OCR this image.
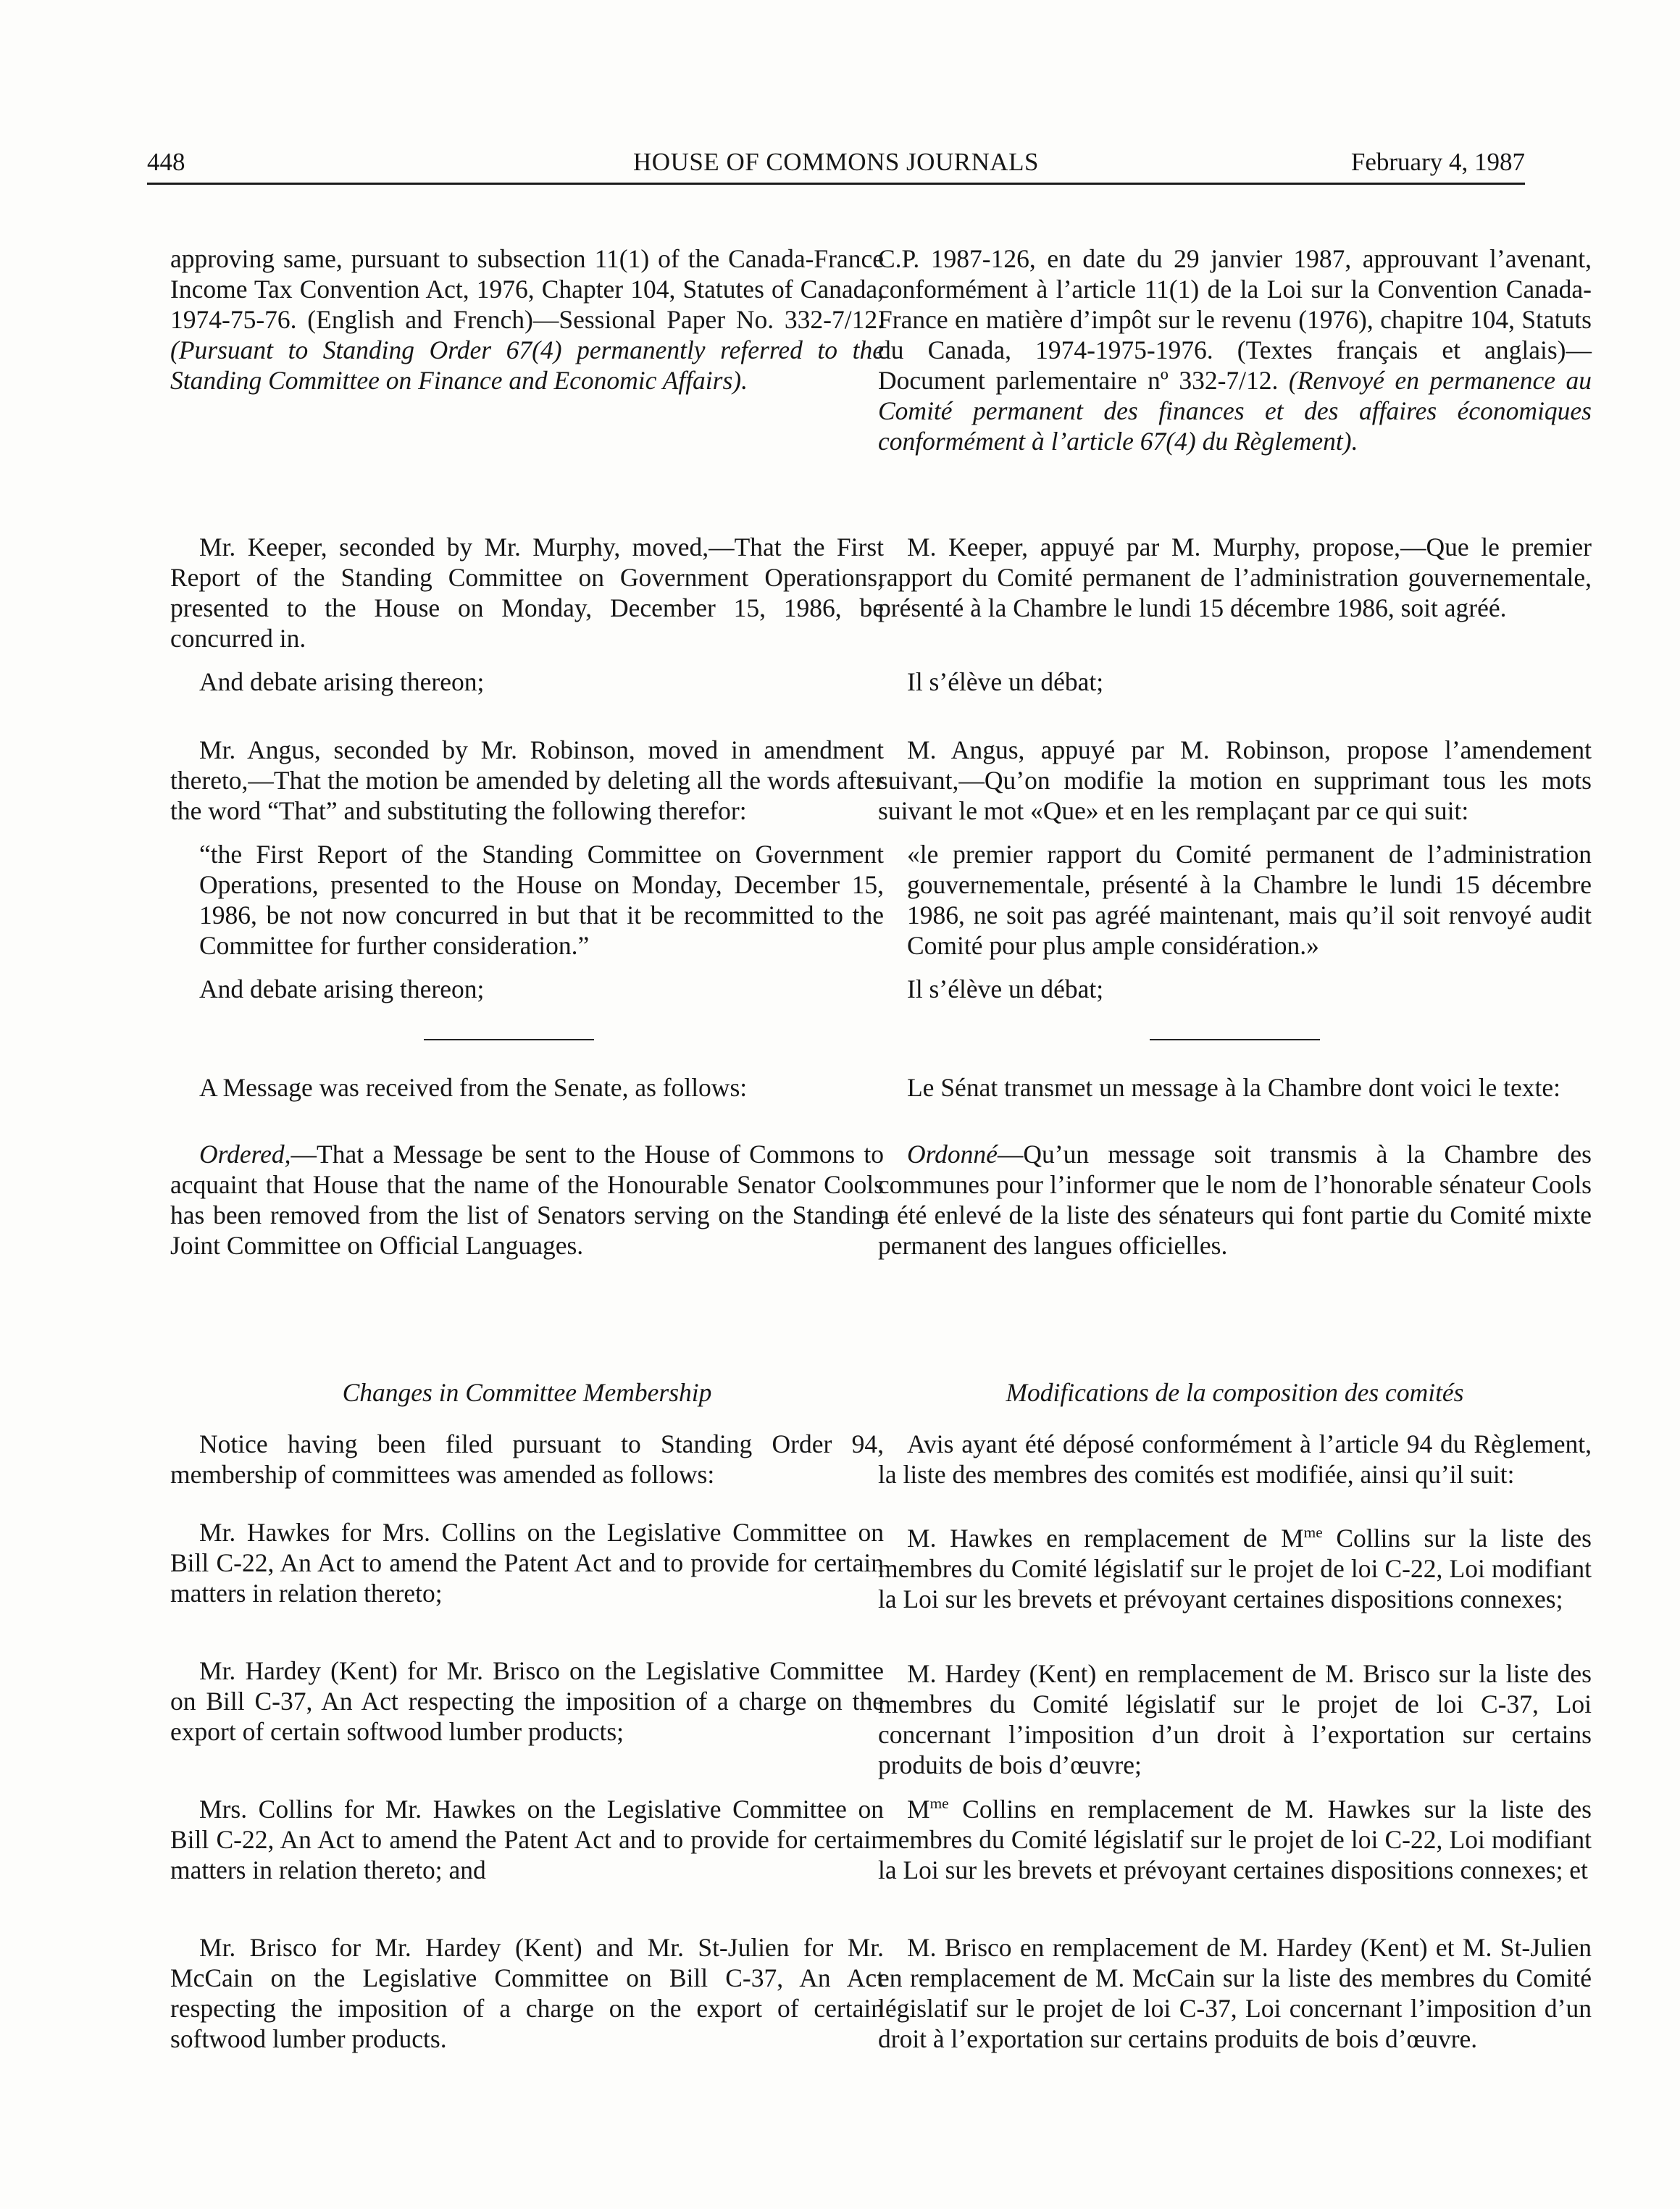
HOUSE OF COMMONS JOURNALS
448	February 4, 1987

approving same, pursuant to subsection 11(1) of the Canada-France Income Tax Convention Act, 1976, Chapter 104, Statutes of Canada, 1974-75-76. (English and French)—Sessional Paper No. 332-7/12. (Pursuant to Standing Order 67(4) permanently referred to the Standing Committee on Finance and Economic Affairs).

Mr. Keeper, seconded by Mr. Murphy, moved,—That the First Report of the Standing Committee on Government Operations, presented to the House on Monday, December 15, 1986, be concurred in.

And debate arising thereon;

Mr. Angus, seconded by Mr. Robinson, moved in amendment thereto,—That the motion be amended by deleting all the words after the word “That” and substituting the following therefor:

“the First Report of the Standing Committee on Government Operations, presented to the House on Monday, December 15, 1986, be not now concurred in but that it be recommitted to the Committee for further consideration.”

And debate arising thereon;

A Message was received from the Senate, as follows:

Ordered,—That a Message be sent to the House of Commons to acquaint that House that the name of the Honourable Senator Cools has been removed from the list of Senators serving on the Standing Joint Committee on Official Languages.

Changes in Committee Membership

Notice having been filed pursuant to Standing Order 94, membership of committees was amended as follows:

Mr. Hawkes for Mrs. Collins on the Legislative Committee on Bill C-22, An Act to amend the Patent Act and to provide for certain matters in relation thereto;

Mr. Hardey (Kent) for Mr. Brisco on the Legislative Committee on Bill C-37, An Act respecting the imposition of a charge on the export of certain softwood lumber products;

Mrs. Collins for Mr. Hawkes on the Legislative Committee on Bill C-22, An Act to amend the Patent Act and to provide for certain matters in relation thereto; and

Mr. Brisco for Mr. Hardey (Kent) and Mr. St-Julien for Mr. McCain on the Legislative Committee on Bill C-37, An Act respecting the imposition of a charge on the export of certain softwood lumber products.

C.P. 1987-126, en date du 29 janvier 1987, approuvant l’avenant, conformément à l’article 11(1) de la Loi sur la Convention Canada-France en matière d’impôt sur le revenu (1976), chapitre 104, Statuts du Canada, 1974-1975-1976. (Textes français et anglais)—Document parlementaire nº 332-7/12. (Renvoyé en permanence au Comité permanent des finances et des affaires économiques conformément à l’article 67(4) du Règlement).

M. Keeper, appuyé par M. Murphy, propose,—Que le premier rapport du Comité permanent de l’administration gouvernementale, présenté à la Chambre le lundi 15 décembre 1986, soit agréé.

Il s’élève un débat;

M. Angus, appuyé par M. Robinson, propose l’amendement suivant,—Qu’on modifie la motion en supprimant tous les mots suivant le mot «Que» et en les remplaçant par ce qui suit:

«le premier rapport du Comité permanent de l’administration gouvernementale, présenté à la Chambre le lundi 15 décembre 1986, ne soit pas agréé maintenant, mais qu’il soit renvoyé audit Comité pour plus ample considération.»

Il s’élève un débat;

Le Sénat transmet un message à la Chambre dont voici le texte:

Ordonné—Qu’un message soit transmis à la Chambre des communes pour l’informer que le nom de l’honorable sénateur Cools a été enlevé de la liste des sénateurs qui font partie du Comité mixte permanent des langues officielles.

Modifications de la composition des comités

Avis ayant été déposé conformément à l’article 94 du Règlement, la liste des membres des comités est modifiée, ainsi qu’il suit:

M. Hawkes en remplacement de $M^{me}$ Collins sur la liste des membres du Comité législatif sur le projet de loi C-22, Loi modifiant la Loi sur les brevets et prévoyant certaines dispositions connexes;

M. Hardey (Kent) en remplacement de M. Brisco sur la liste des membres du Comité législatif sur le projet de loi C-37, Loi concernant l’imposition d’un droit à l’exportation sur certains produits de bois d’œuvre;

$M^{me}$ Collins en remplacement de M. Hawkes sur la liste des membres du Comité législatif sur le projet de loi C-22, Loi modifiant la Loi sur les brevets et prévoyant certaines dispositions connexes; et

M. Brisco en remplacement de M. Hardey (Kent) et M. St-Julien en remplacement de M. McCain sur la liste des membres du Comité législatif sur le projet de loi C-37, Loi concernant l’imposition d’un droit à l’exportation sur certains produits de bois d’œuvre.
